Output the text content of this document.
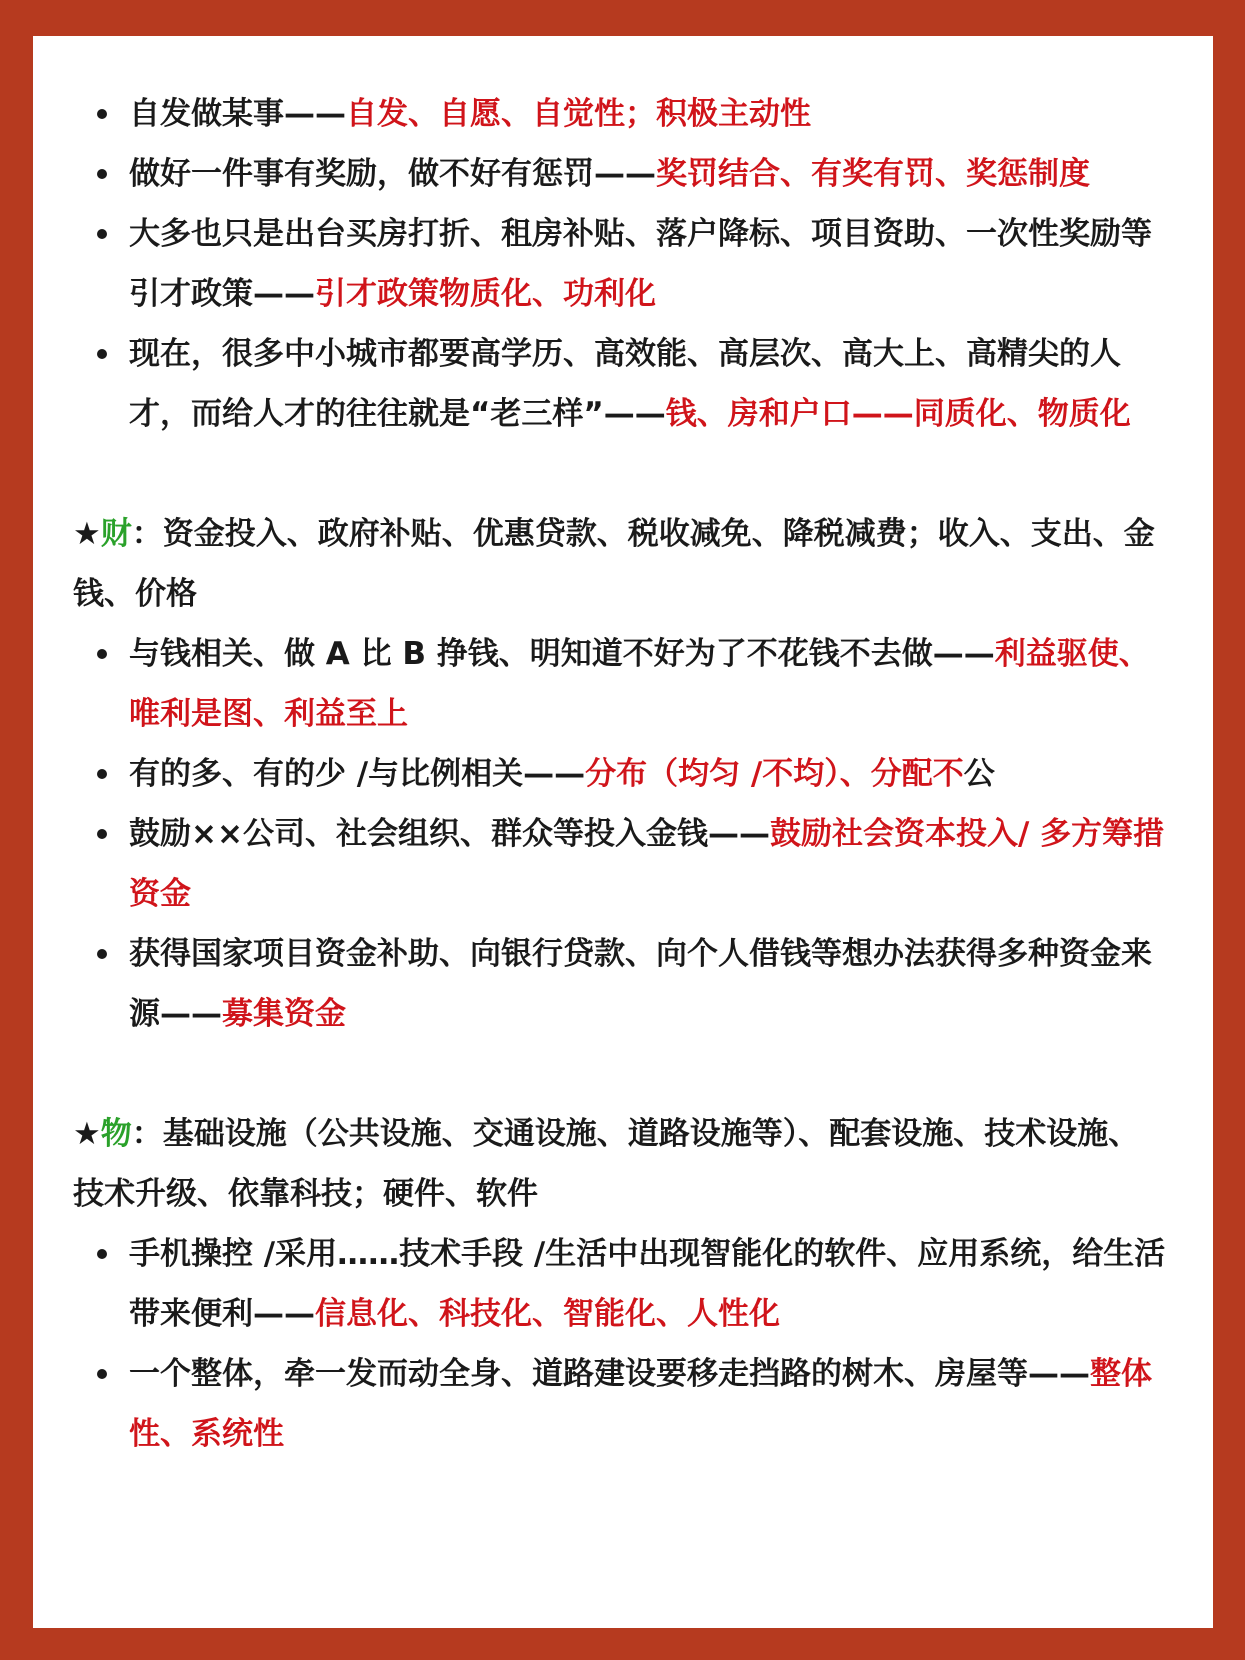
自发做某事——自发、自愿、自觉性；积极主动性

做好一件事有奖励，做不好有惩罚——奖罚结合、有奖有罚、奖惩制度

大多也只是出台买房打折、租房补贴、落户降标、项目资助、一次性奖励等引才政策——引才政策物质化、功利化

现在，很多中小城市都要高学历、高效能、高层次、高大上、高精尖的人才，而给人才的往往就是“老三样”——钱、房和户口——同质化、物质化

★财：资金投入、政府补贴、优惠贷款、税收减免、降税减费；收入、支出、金钱、价格

与钱相关、做 A 比 B 挣钱、明知道不好为了不花钱不去做——利益驱使、唯利是图、利益至上

有的多、有的少 /与比例相关——分布（均匀 /不均）、分配不公

鼓励××公司、社会组织、群众等投入金钱——鼓励社会资本投入/ 多方筹措资金

获得国家项目资金补助、向银行贷款、向个人借钱等想办法获得多种资金来源——募集资金

★物：基础设施（公共设施、交通设施、道路设施等）、配套设施、技术设施、技术升级、依靠科技；硬件、软件

手机操控 /采用……技术手段 /生活中出现智能化的软件、应用系统，给生活带来便利——信息化、科技化、智能化、人性化

一个整体，牵一发而动全身、道路建设要移走挡路的树木、房屋等——整体性、系统性
